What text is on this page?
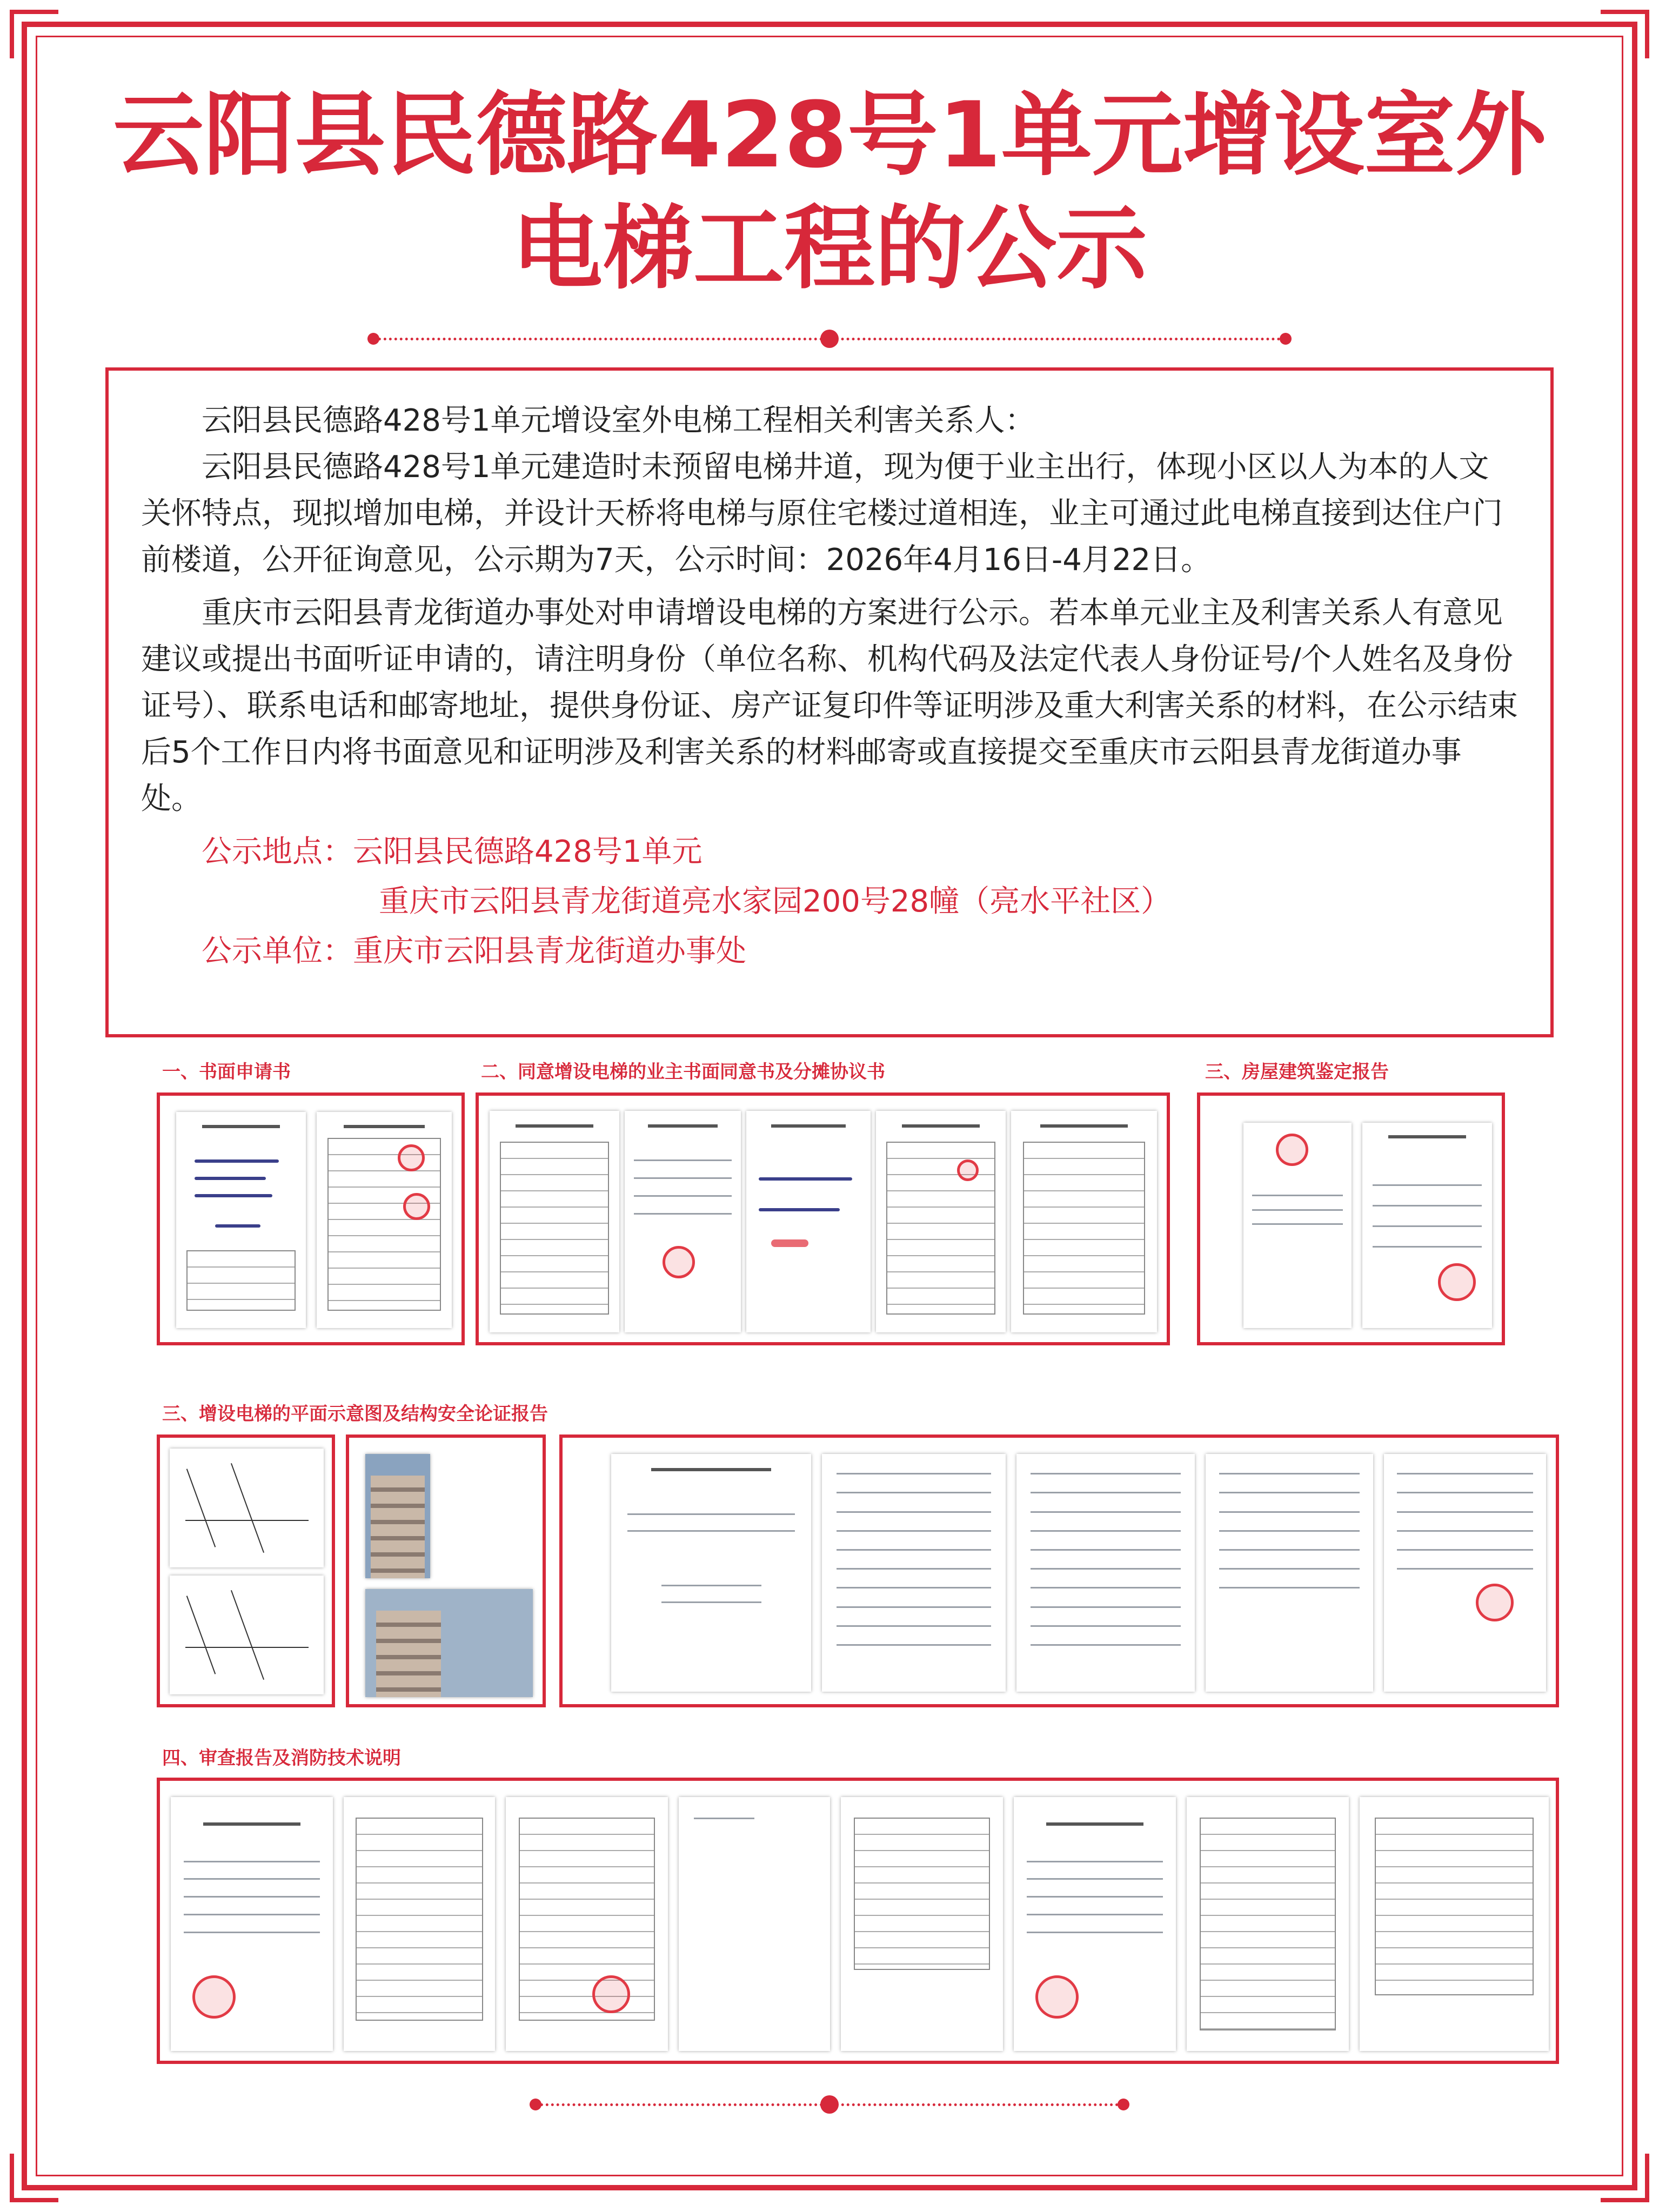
云阳县民德路428号1单元增设室外
电梯工程的公示

云阳县民德路428号1单元增设室外电梯工程相关利害关系人：

云阳县民德路428号1单元建造时未预留电梯井道，现为便于业主出行，体现小区以人为本的人文关怀特点，现拟增加电梯，并设计天桥将电梯与原住宅楼过道相连，业主可通过此电梯直接到达住户门前楼道，公开征询意见，公示期为7天，公示时间：2026年4月16日-4月22日。

重庆市云阳县青龙街道办事处对申请增设电梯的方案进行公示。若本单元业主及利害关系人有意见建议或提出书面听证申请的，请注明身份（单位名称、机构代码及法定代表人身份证号/个人姓名及身份证号）、联系电话和邮寄地址，提供身份证、房产证复印件等证明涉及重大利害关系的材料，在公示结束后5个工作日内将书面意见和证明涉及利害关系的材料邮寄或直接提交至重庆市云阳县青龙街道办事处。

公示地点： 云阳县民德路428号1单元
重庆市云阳县青龙街道亮水家园200号28幢（亮水平社区）
公示单位： 重庆市云阳县青龙街道办事处
一、书面申请书	二、同意增设电梯的业主书面同意书及分摊协议书	三、房屋建筑鉴定报告
三、增设电梯的平面示意图及结构安全论证报告
四、审查报告及消防技术说明
